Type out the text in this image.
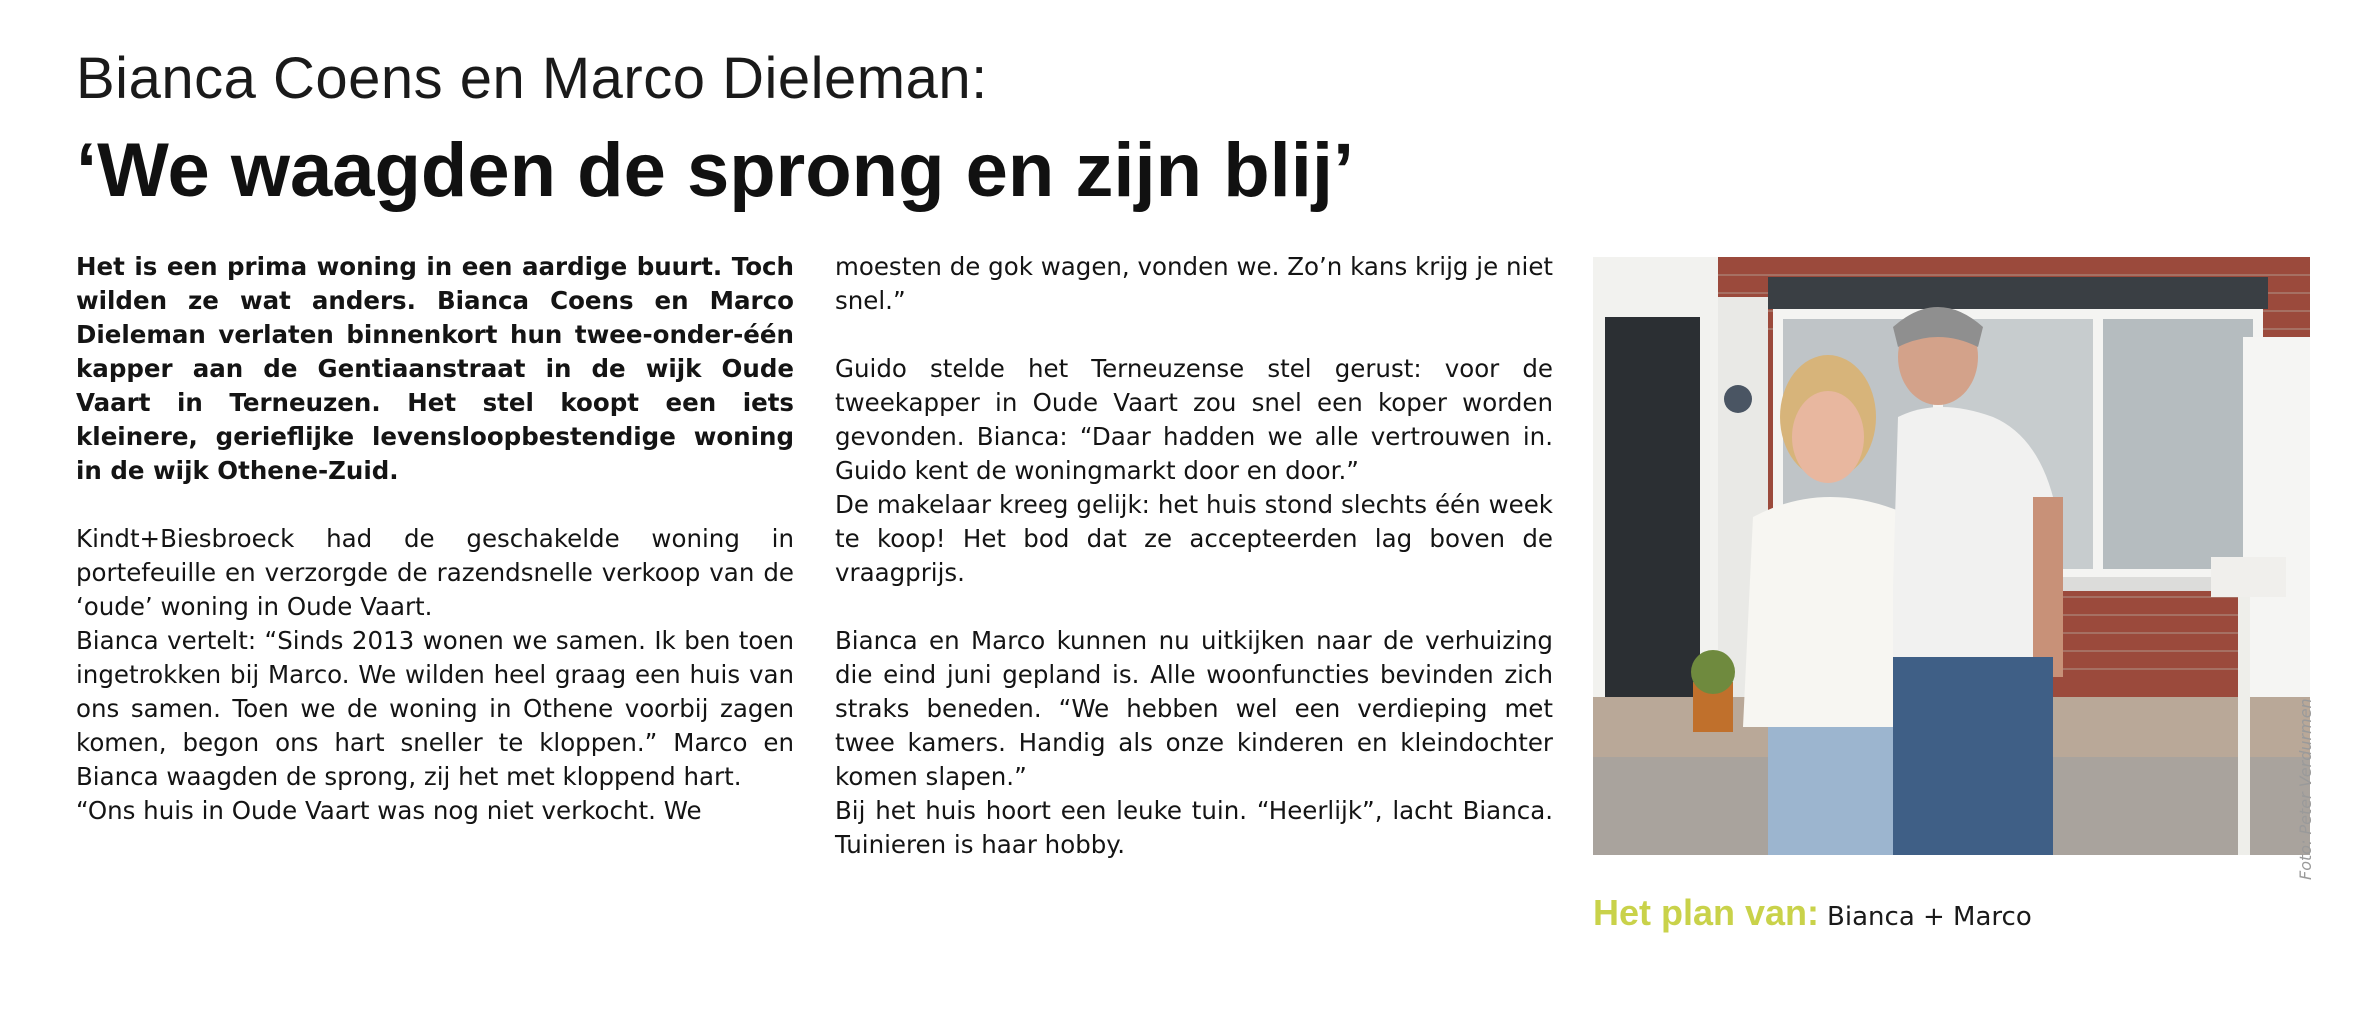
Bianca Coens en Marco Dieleman:
‘We waagden de sprong en zijn blij’

Het is een prima woning in een aardige buurt. Toch wilden ze wat anders. Bianca Coens en Marco Dieleman verlaten binnenkort hun twee-onder-één kapper aan de Gentiaanstraat in de wijk Oude Vaart in Terneuzen. Het stel koopt een iets kleinere, gerieflijke levensloopbestendige woning in de wijk Othene-Zuid.

Kindt+Biesbroeck had de geschakelde woning in portefeuille en verzorgde de razendsnelle verkoop van de ‘oude’ woning in Oude Vaart.

Bianca vertelt: “Sinds 2013 wonen we samen. Ik ben toen ingetrokken bij Marco. We wilden heel graag een huis van ons samen. Toen we de woning in Othene voorbij zagen komen, begon ons hart sneller te kloppen.” Marco en Bianca waagden de sprong, zij het met kloppend hart.

“Ons huis in Oude Vaart was nog niet verkocht. We

moesten de gok wagen, vonden we. Zo’n kans krijg je niet snel.”

Guido stelde het Terneuzense stel gerust: voor de tweekapper in Oude Vaart zou snel een koper worden gevonden. Bianca: “Daar hadden we alle vertrouwen in. Guido kent de woningmarkt door en door.”

De makelaar kreeg gelijk: het huis stond slechts één week te koop! Het bod dat ze accepteerden lag boven de vraagprijs.

Bianca en Marco kunnen nu uitkijken naar de verhuizing die eind juni gepland is. Alle woonfuncties bevinden zich straks beneden. “We hebben wel een verdieping met twee kamers. Handig als onze kinderen en kleindochter komen slapen.”

Bij het huis hoort een leuke tuin. “Heerlijk”, lacht Bianca. Tuinieren is haar hobby.	Foto: Peter Verdurmen
Het plan van: Bianca + Marco
